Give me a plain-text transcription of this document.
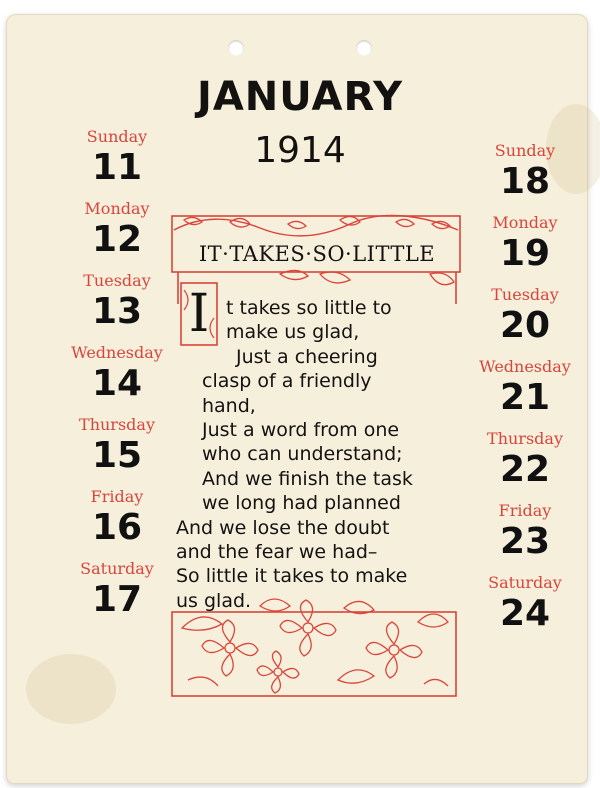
JANUARY
1914
Sunday
11
Monday
12
Tuesday
13
Wednesday
14
Thursday
15
Friday
16
Saturday
17
Sunday
18
Monday
19
Tuesday
20
Wednesday
21
Thursday
22
Friday
23
Saturday
24
IT·TAKES·SO·LITTLE
I t takes so little to
make us glad,
Just a cheering
clasp of a friendly
hand,
Just a word from one
who can understand;
And we finish the task
we long had planned
And we lose the doubt
and the fear we had–
So little it takes to make
us glad.
